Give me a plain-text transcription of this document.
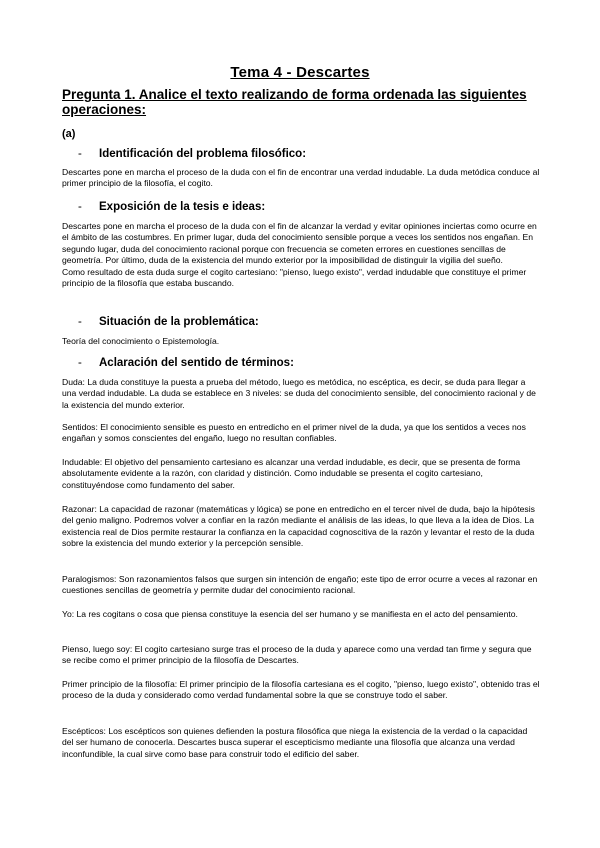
Tema 4 - Descartes
Pregunta 1. Analice el texto realizando de forma ordenada las siguientes operaciones:
(a)
- Identificación del problema filosófico:

Descartes pone en marcha el proceso de la duda con el fin de encontrar una verdad indudable. La duda metódica conduce al primer principio de la filosofía, el cogito.

- Exposición de la tesis e ideas:

Descartes pone en marcha el proceso de la duda con el fin de alcanzar la verdad y evitar opiniones inciertas como ocurre en el ámbito de las costumbres. En primer lugar, duda del conocimiento sensible porque a veces los sentidos nos engañan. En segundo lugar, duda del conocimiento racional porque con frecuencia se cometen errores en cuestiones sencillas de geometría. Por último, duda de la existencia del mundo exterior por la imposibilidad de distinguir la vigilia del sueño.

Como resultado de esta duda surge el cogito cartesiano: "pienso, luego existo", verdad indudable que constituye el primer principio de la filosofía que estaba buscando.

- Situación de la problemática:

Teoría del conocimiento o Epistemología.

- Aclaración del sentido de términos:

Duda: La duda constituye la puesta a prueba del método, luego es metódica, no escéptica, es decir, se duda para llegar a una verdad indudable. La duda se establece en 3 niveles: se duda del conocimiento sensible, del conocimiento racional y de la existencia del mundo exterior.

Sentidos: El conocimiento sensible es puesto en entredicho en el primer nivel de la duda, ya que los sentidos a veces nos engañan y somos conscientes del engaño, luego no resultan confiables.

Indudable: El objetivo del pensamiento cartesiano es alcanzar una verdad indudable, es decir, que se presenta de forma absolutamente evidente a la razón, con claridad y distinción. Como indudable se presenta el cogito cartesiano, constituyéndose como fundamento del saber.

Razonar: La capacidad de razonar (matemáticas y lógica) se pone en entredicho en el tercer nivel de duda, bajo la hipótesis del genio maligno. Podremos volver a confiar en la razón mediante el análisis de las ideas, lo que lleva a la idea de Dios. La existencia real de Dios permite restaurar la confianza en la capacidad cognoscitiva de la razón y levantar el resto de la duda sobre la existencia del mundo exterior y la percepción sensible.

Paralogismos: Son razonamientos falsos que surgen sin intención de engaño; este tipo de error ocurre a veces al razonar en cuestiones sencillas de geometría y permite dudar del conocimiento racional.

Yo: La res cogitans o cosa que piensa constituye la esencia del ser humano y se manifiesta en el acto del pensamiento.

Pienso, luego soy: El cogito cartesiano surge tras el proceso de la duda y aparece como una verdad tan firme y segura que se recibe como el primer principio de la filosofía de Descartes.

Primer principio de la filosofía: El primer principio de la filosofía cartesiana es el cogito, "pienso, luego existo", obtenido tras el proceso de la duda y considerado como verdad fundamental sobre la que se construye todo el saber.

Escépticos: Los escépticos son quienes defienden la postura filosófica que niega la existencia de la verdad o la capacidad del ser humano de conocerla. Descartes busca superar el escepticismo mediante una filosofía que alcanza una verdad inconfundible, la cual sirve como base para construir todo el edificio del saber.
